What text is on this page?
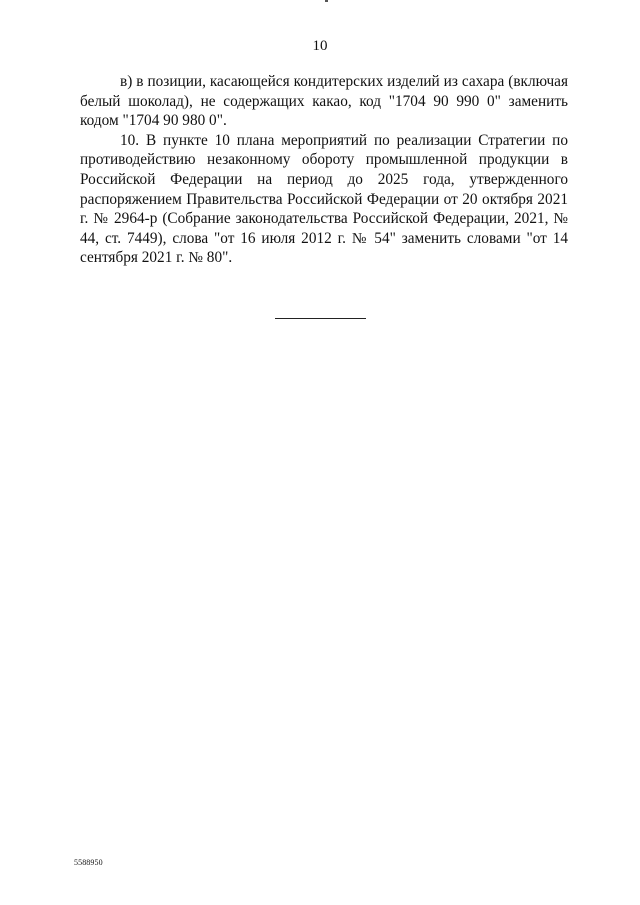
10

в) в позиции, касающейся кондитерских изделий из сахара (включая белый шоколад), не содержащих какао, код "1704 90 990 0" заменить кодом "1704 90 980 0".

10. В пункте 10 плана мероприятий по реализации Стратегии по противодействию незаконному обороту промышленной продукции в Российской Федерации на период до 2025 года, утвержденного распоряжением Правительства Российской Федерации от 20 октября 2021 г. № 2964-р (Собрание законодательства Российской Федерации, 2021, № 44, ст. 7449), слова "от 16 июля 2012 г. № 54" заменить словами "от 14 сентября 2021 г. № 80".

5588950
